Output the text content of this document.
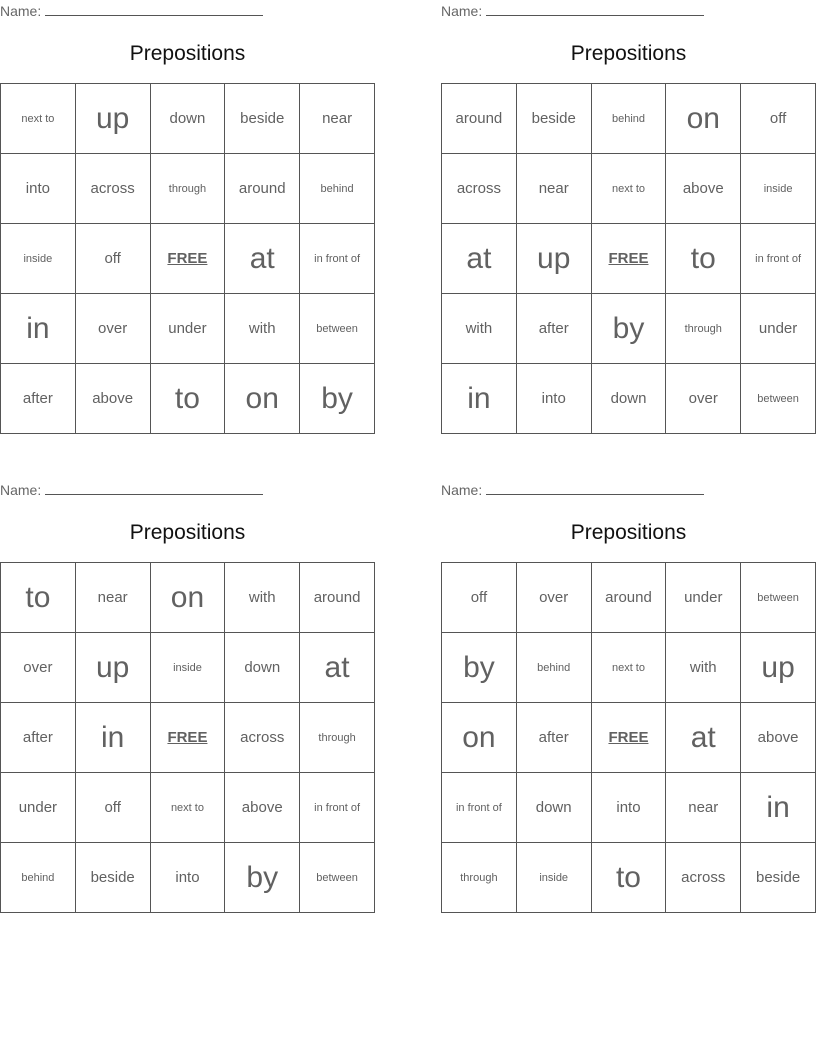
Name:
Prepositions
next to	up	down	beside	near
into	across	through	around	behind
inside	off	FREE	at	in front of
in	over	under	with	between
after	above	to	on	by
Name:
Prepositions
around	beside	behind	on	off
across	near	next to	above	inside
at	up	FREE	to	in front of
with	after	by	through	under
in	into	down	over	between
Name:
Prepositions
to	near	on	with	around
over	up	inside	down	at
after	in	FREE	across	through
under	off	next to	above	in front of
behind	beside	into	by	between
Name:
Prepositions
off	over	around	under	between
by	behind	next to	with	up
on	after	FREE	at	above
in front of	down	into	near	in
through	inside	to	across	beside
